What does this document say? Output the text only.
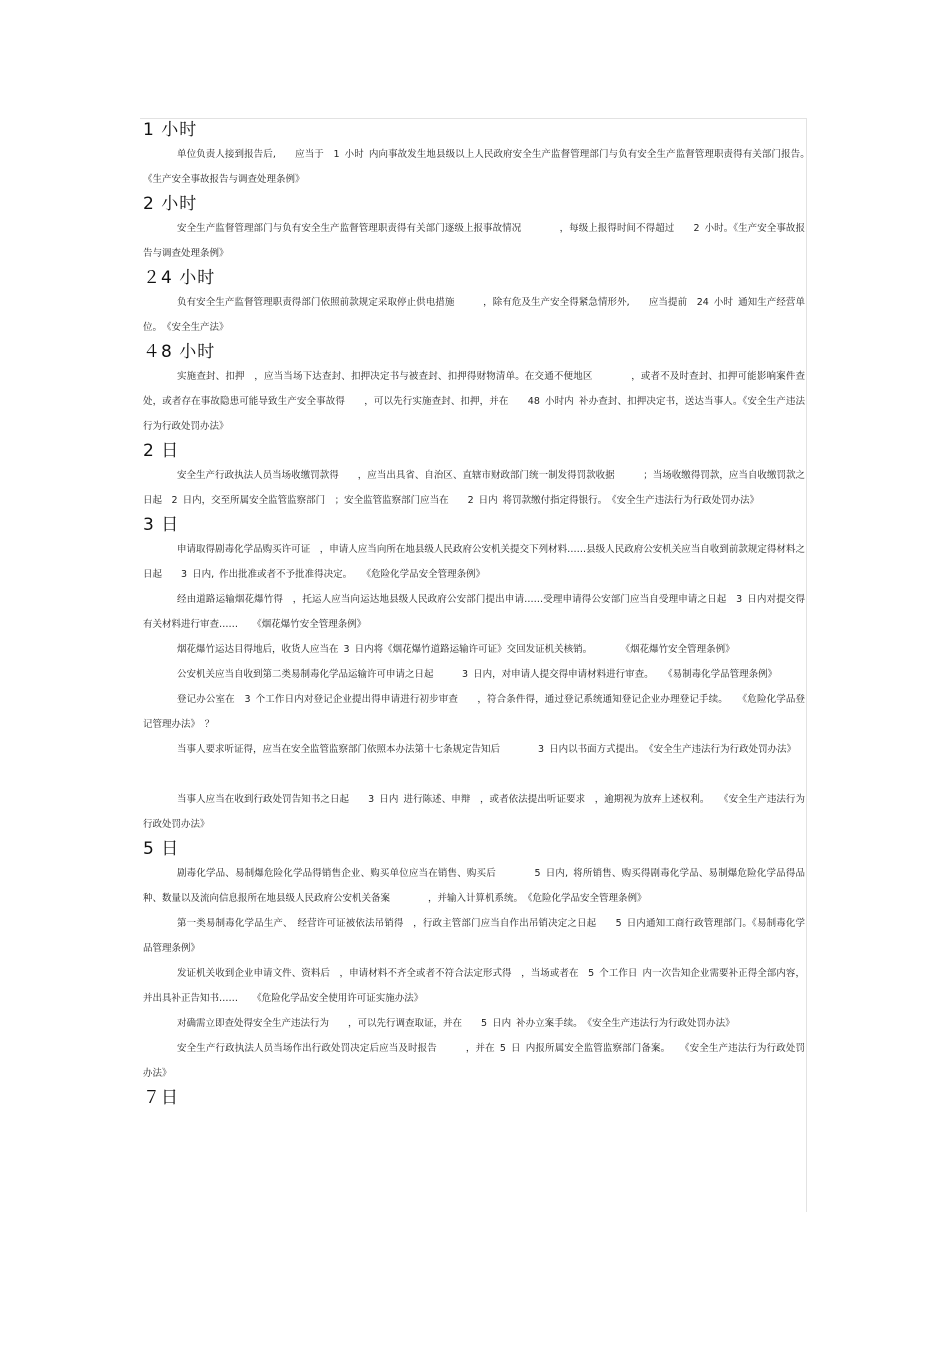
1 小时

单位负责人接到报告后,　　应当于　1 小时 内向事故发生地县级以上人民政府安全生产监督管理部门与负有安全生产监督管理职责得有关部门报告。　《生产安全事故报告与调查处理条例》

2 小时

安全生产监督管理部门与负有安全生产监督管理职责得有关部门逐级上报事故情况　　　　，每级上报得时间不得超过　　2 小时。《生产安全事故报告与调查处理条例》

２4 小时

负有安全生产监督管理职责得部门依照前款规定采取停止供电措施　　　，除有危及生产安全得紧急情形外,　　应当提前　24 小时 通知生产经营单位。　《安全生产法》

４8 小时

实施查封、扣押　，应当当场下达查封、扣押决定书与被查封、扣押得财物清单。在交通不便地区　　　　，或者不及时查封、扣押可能影响案件查处，或者存在事故隐患可能导致生产安全事故得　　，可以先行实施查封、扣押，并在　　48 小时内 补办查封、扣押决定书，送达当事人。《安全生产违法行为行政处罚办法》

2 日

安全生产行政执法人员当场收缴罚款得　　，应当出具省、自治区、直辖市财政部门统一制发得罚款收据　　　；当场收缴得罚款，应当自收缴罚款之日起　2 日内，交至所属安全监管监察部门　；安全监管监察部门应当在　　2 日内 将罚款缴付指定得银行。　《安全生产违法行为行政处罚办法》

3 日

申请取得剧毒化学品购买许可证　，申请人应当向所在地县级人民政府公安机关提交下列材料……县级人民政府公安机关应当自收到前款规定得材料之日起　　3 日内, 作出批准或者不予批准得决定。　　《危险化学品安全管理条例》

经由道路运输烟花爆竹得　，托运人应当向运达地县级人民政府公安部门提出申请……受理申请得公安部门应当自受理申请之日起　3 日内对提交得有关材料进行审查……　　《烟花爆竹安全管理条例》

烟花爆竹运达目得地后，收货人应当在 3 日内将《烟花爆竹道路运输许可证》交回发证机关核销。　　　　《烟花爆竹安全管理条例》

公安机关应当自收到第二类易制毒化学品运输许可申请之日起　　　3 日内，对申请人提交得申请材料进行审查。　　《易制毒化学品管理条例》

登记办公室在　3 个工作日内对登记企业提出得申请进行初步审查　　，符合条件得，通过登记系统通知登记企业办理登记手续。　　《危险化学品登记管理办法》　？

当事人要求听证得，应当在安全监管监察部门依照本办法第十七条规定告知后　　　　3 日内以书面方式提出。　《安全生产违法行为行政处罚办法》

当事人应当在收到行政处罚告知书之日起　　3 日内 进行陈述、申辩　，或者依法提出听证要求　，逾期视为放弃上述权利。　　《安全生产违法行为行政处罚办法》

5 日

剧毒化学品、易制爆危险化学品得销售企业、购买单位应当在销售、购买后　　　　5 日内, 将所销售、购买得剧毒化学品、易制爆危险化学品得品种、数量以及流向信息报所在地县级人民政府公安机关备案　　　　，并输入计算机系统。　《危险化学品安全管理条例》

第一类易制毒化学品生产、　经营许可证被依法吊销得　，行政主管部门应当自作出吊销决定之日起　　5 日内通知工商行政管理部门。《易制毒化学品管理条例》

发证机关收到企业申请文件、资料后　，申请材料不齐全或者不符合法定形式得　，当场或者在　5 个工作日 内一次告知企业需要补正得全部内容，并出具补正告知书……　　《危险化学品安全使用许可证实施办法》

对确需立即查处得安全生产违法行为　　，可以先行调查取证，并在　　5 日内 补办立案手续。　《安全生产违法行为行政处罚办法》

安全生产行政执法人员当场作出行政处罚决定后应当及时报告　　　，并在 5 日 内报所属安全监管监察部门备案。　　《安全生产违法行为行政处罚办法》

７日
